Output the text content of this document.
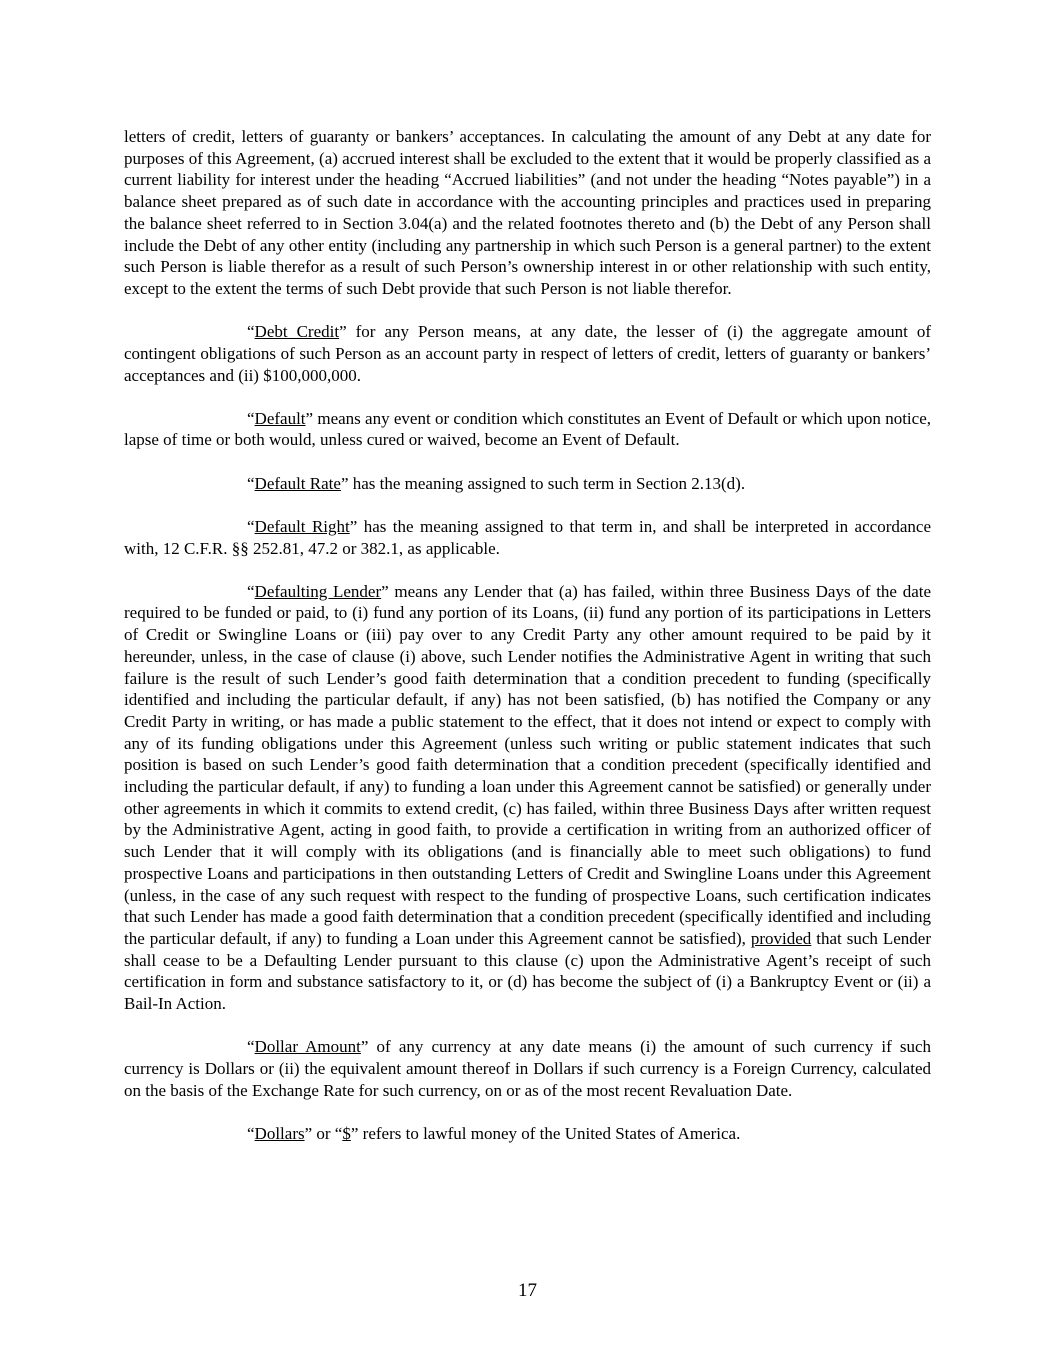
letters of credit, letters of guaranty or bankers’ acceptances. In calculating the amount of any Debt at any date for purposes of this Agreement, (a) accrued interest shall be excluded to the extent that it would be properly classified as a current liability for interest under the heading “Accrued liabilities” (and not under the heading “Notes payable”) in a balance sheet prepared as of such date in accordance with the accounting principles and practices used in preparing the balance sheet referred to in Section 3.04(a) and the related footnotes thereto and (b) the Debt of any Person shall include the Debt of any other entity (including any partnership in which such Person is a general partner) to the extent such Person is liable therefor as a result of such Person’s ownership interest in or other relationship with such entity, except to the extent the terms of such Debt provide that such Person is not liable therefor.

“Debt Credit” for any Person means, at any date, the lesser of (i) the aggregate amount of contingent obligations of such Person as an account party in respect of letters of credit, letters of guaranty or bankers’ acceptances and (ii) $100,000,000.

“Default” means any event or condition which constitutes an Event of Default or which upon notice, lapse of time or both would, unless cured or waived, become an Event of Default.

“Default Rate” has the meaning assigned to such term in Section 2.13(d).

“Default Right” has the meaning assigned to that term in, and shall be interpreted in accordance with, 12 C.F.R. §§ 252.81, 47.2 or 382.1, as applicable.

“Defaulting Lender” means any Lender that (a) has failed, within three Business Days of the date required to be funded or paid, to (i) fund any portion of its Loans, (ii) fund any portion of its participations in Letters of Credit or Swingline Loans or (iii) pay over to any Credit Party any other amount required to be paid by it hereunder, unless, in the case of clause (i) above, such Lender notifies the Administrative Agent in writing that such failure is the result of such Lender’s good faith determination that a condition precedent to funding (specifically identified and including the particular default, if any) has not been satisfied, (b) has notified the Company or any Credit Party in writing, or has made a public statement to the effect, that it does not intend or expect to comply with any of its funding obligations under this Agreement (unless such writing or public statement indicates that such position is based on such Lender’s good faith determination that a condition precedent (specifically identified and including the particular default, if any) to funding a loan under this Agreement cannot be satisfied) or generally under other agreements in which it commits to extend credit, (c) has failed, within three Business Days after written request by the Administrative Agent, acting in good faith, to provide a certification in writing from an authorized officer of such Lender that it will comply with its obligations (and is financially able to meet such obligations) to fund prospective Loans and participations in then outstanding Letters of Credit and Swingline Loans under this Agreement (unless, in the case of any such request with respect to the funding of prospective Loans, such certification indicates that such Lender has made a good faith determination that a condition precedent (specifically identified and including the particular default, if any) to funding a Loan under this Agreement cannot be satisfied), provided that such Lender shall cease to be a Defaulting Lender pursuant to this clause (c) upon the Administrative Agent’s receipt of such certification in form and substance satisfactory to it, or (d) has become the subject of (i) a Bankruptcy Event or (ii) a Bail-In Action.

“Dollar Amount” of any currency at any date means (i) the amount of such currency if such currency is Dollars or (ii) the equivalent amount thereof in Dollars if such currency is a Foreign Currency, calculated on the basis of the Exchange Rate for such currency, on or as of the most recent Revaluation Date.

“Dollars” or “$” refers to lawful money of the United States of America.

17
